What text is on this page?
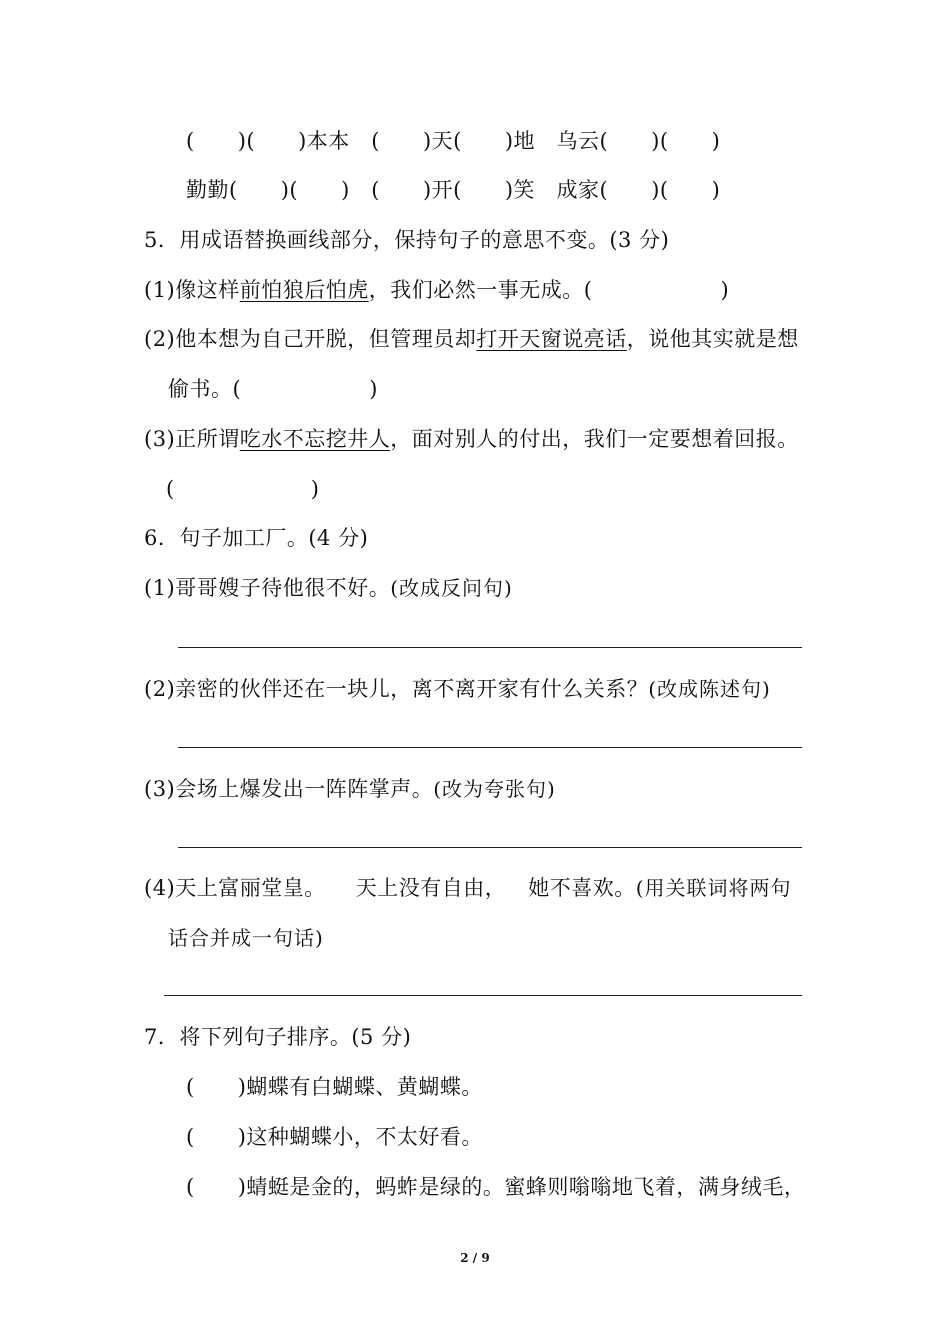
(　　)(　　)本本　(　　)天(　　)地　乌云(　　)(　　)

勤勤(　　)(　　)　(　　)开(　　)笑　成家(　　)(　　)

5．用成语替换画线部分，保持句子的意思不变。(3 分)

(1)像这样前怕狼后怕虎，我们必然一事无成。(	)

(2)他本想为自己开脱，但管理员却打开天窗说亮话，说他其实就是想

偷书。(	)

(3)正所谓吃水不忘挖井人，面对别人的付出，我们一定要想着回报。

(	)

6．句子加工厂。(4 分)

(1)哥哥嫂子待他很不好。(改成反问句)

(2)亲密的伙伴还在一块儿，离不离开家有什么关系？(改成陈述句)

(3)会场上爆发出一阵阵掌声。(改为夸张句)

(4)天上富丽堂皇。 天上没有自由， 她不喜欢。(用关联词将两句

话合并成一句话)

7．将下列句子排序。(5 分)

(　　)蝴蝶有白蝴蝶、黄蝴蝶。

(　　)这种蝴蝶小，不太好看。

(　　)蜻蜓是金的，蚂蚱是绿的。蜜蜂则嗡嗡地飞着，满身绒毛，

2 / 9
